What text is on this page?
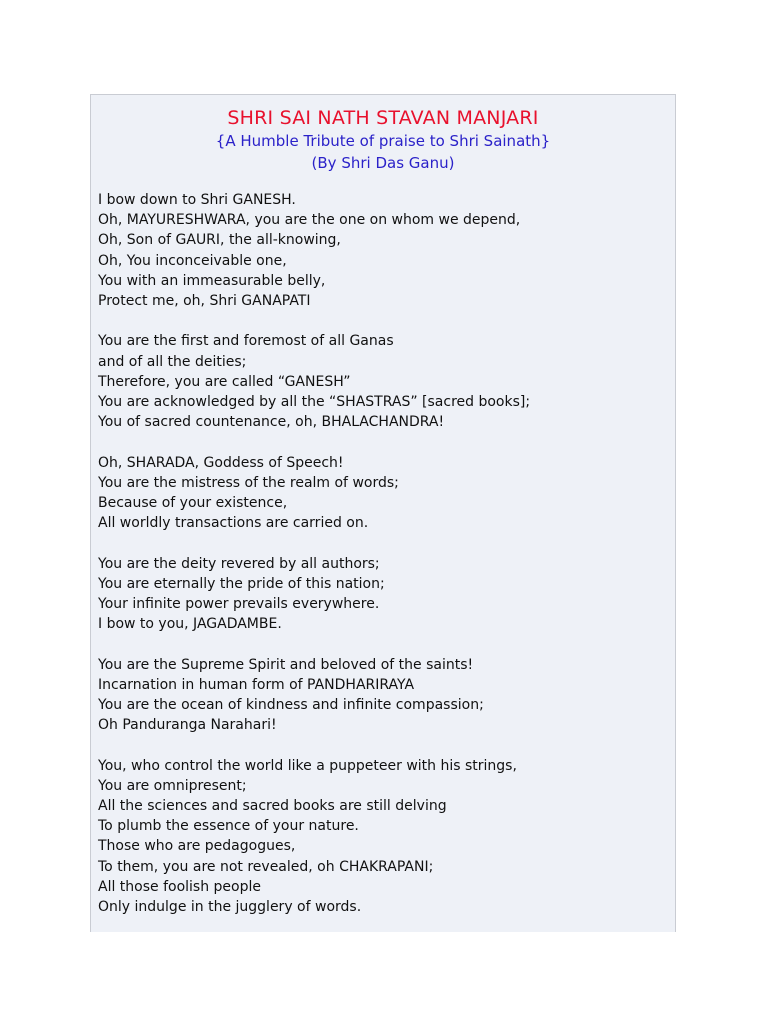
SHRI SAI NATH STAVAN MANJARI
{A Humble Tribute of praise to Shri Sainath}
(By Shri Das Ganu)
I bow down to Shri GANESH.
Oh, MAYURESHWARA, you are the one on whom we depend,
Oh, Son of GAURI, the all-knowing,
Oh, You inconceivable one,
You with an immeasurable belly,
Protect me, oh, Shri GANAPATI
You are the first and foremost of all Ganas
and of all the deities;
Therefore, you are called “GANESH”
You are acknowledged by all the “SHASTRAS” [sacred books];
You of sacred countenance, oh, BHALACHANDRA!
Oh, SHARADA, Goddess of Speech!
You are the mistress of the realm of words;
Because of your existence,
All worldly transactions are carried on.
You are the deity revered by all authors;
You are eternally the pride of this nation;
Your infinite power prevails everywhere.
I bow to you, JAGADAMBE.
You are the Supreme Spirit and beloved of the saints!
Incarnation in human form of PANDHARIRAYA
You are the ocean of kindness and infinite compassion;
Oh Panduranga Narahari!
You, who control the world like a puppeteer with his strings,
You are omnipresent;
All the sciences and sacred books are still delving
To plumb the essence of your nature.
Those who are pedagogues,
To them, you are not revealed, oh CHAKRAPANI;
All those foolish people
Only indulge in the jugglery of words.
